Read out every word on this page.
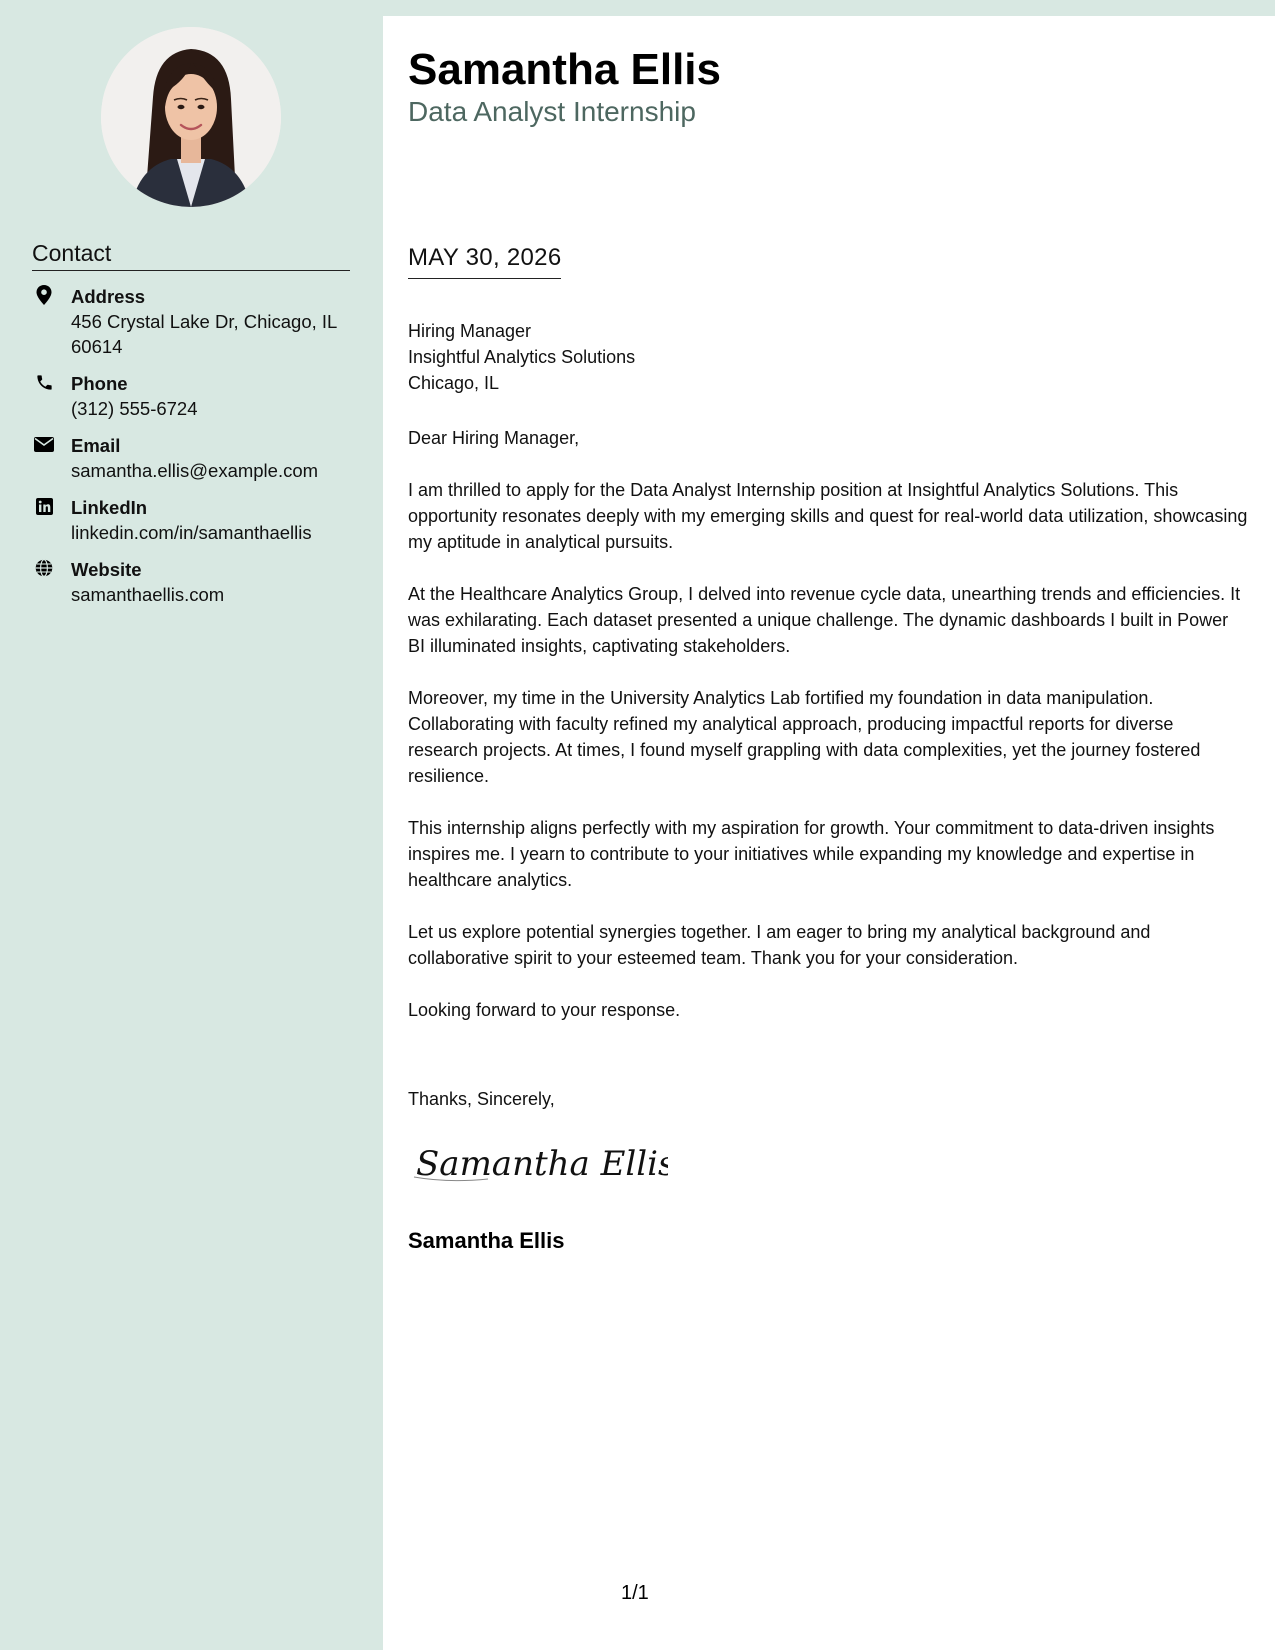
Contact
Address
456 Crystal Lake Dr, Chicago, IL 60614
Phone
(312) 555-6724
Email
samantha.ellis@example.com
LinkedIn
linkedin.com/in/samanthaellis
Website
samanthaellis.com
Samantha Ellis
Data Analyst Internship
MAY 30, 2026
Hiring Manager
Insightful Analytics Solutions
Chicago, IL

Dear Hiring Manager,

I am thrilled to apply for the Data Analyst Internship position at Insightful Analytics Solutions. This opportunity resonates deeply with my emerging skills and quest for real-world data utilization, showcasing my aptitude in analytical pursuits.

At the Healthcare Analytics Group, I delved into revenue cycle data, unearthing trends and efficiencies. It was exhilarating. Each dataset presented a unique challenge. The dynamic dashboards I built in Power BI illuminated insights, captivating stakeholders.

Moreover, my time in the University Analytics Lab fortified my foundation in data manipulation. Collaborating with faculty refined my analytical approach, producing impactful reports for diverse research projects. At times, I found myself grappling with data complexities, yet the journey fostered resilience.

This internship aligns perfectly with my aspiration for growth. Your commitment to data-driven insights inspires me. I yearn to contribute to your initiatives while expanding my knowledge and expertise in healthcare analytics.

Let us explore potential synergies together. I am eager to bring my analytical background and collaborative spirit to your esteemed team. Thank you for your consideration.

Looking forward to your response.

Thanks, Sincerely,
Samantha Ellis
Samantha Ellis
1/1
